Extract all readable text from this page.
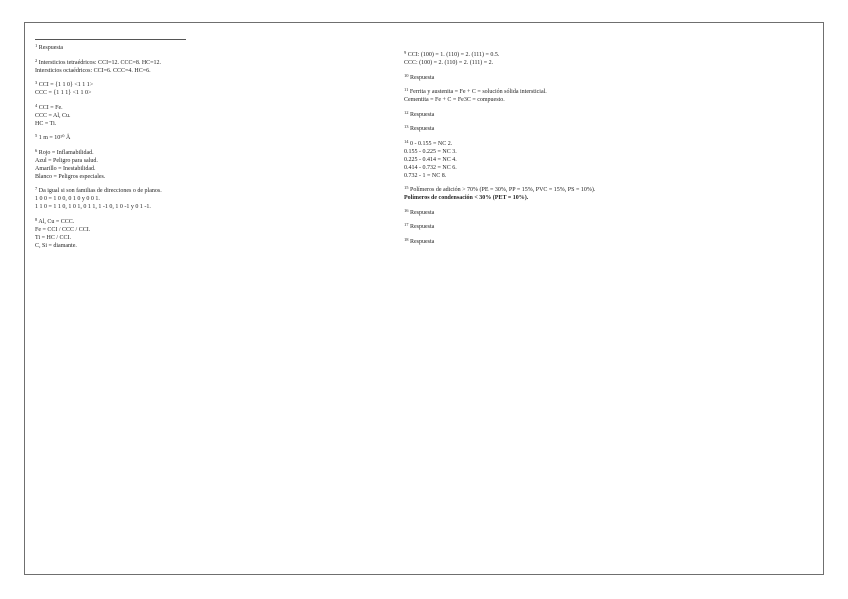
$^1$ Respuesta
$^2$ Intersticios tetraédricos: CCI=12. CCC=8. HC=12.
Intersticios octaédricos: CCI=6. CCC=4. HC=6.
$^3$ CCI = {1 1 0} <1 1 1>
CCC = {1 1 1} <1 1 0>
$^4$ CCI = Fe.
CCC = Al, Cu.
HC = Ti.
$^5$ 1 m = 10¹⁰ Å
$^6$ Rojo = Inflamabilidad.
Azul = Peligro para salud.
Amarillo = Inestabilidad.
Blanco = Peligros especiales.
$^7$ Da igual si son familias de direcciones o de planos.
1 0 0 = 1 0 0, 0 1 0 y 0 0 1.
1 1 0 = 1 1 0, 1 0 1, 0 1 1, 1 -1 0, 1 0 -1 y 0 1 -1.
$^8$ Al, Cu = CCC.
Fe = CCI / CCC / CCI.
Ti = HC / CCI.
C, Si = diamante.
$^9$ CCI: (100) = 1. (110) = 2. (111) = 0.5.
CCC: (100) = 2. (110) = 2. (111) = 2.
$^{10}$ Respuesta
$^{11}$ Ferrita y austenita = Fe + C = solución sólida intersticial.
Cementita = Fe + C = Fe3C = compuesto.
$^{12}$ Respuesta
$^{13}$ Respuesta
$^{14}$ 0 - 0.155 = NC 2.
0.155 - 0.225 = NC 3.
0.225 - 0.414 = NC 4.
0.414 - 0.732 = NC 6.
0.732 - 1 = NC 8.
$^{15}$ Polímeros de adición > 70% (PE = 30%, PP = 15%, PVC = 15%, PS = 10%).
Polímeros de condensación < 30% (PET = 10%).
$^{16}$ Respuesta
$^{17}$ Respuesta
$^{18}$ Respuesta
